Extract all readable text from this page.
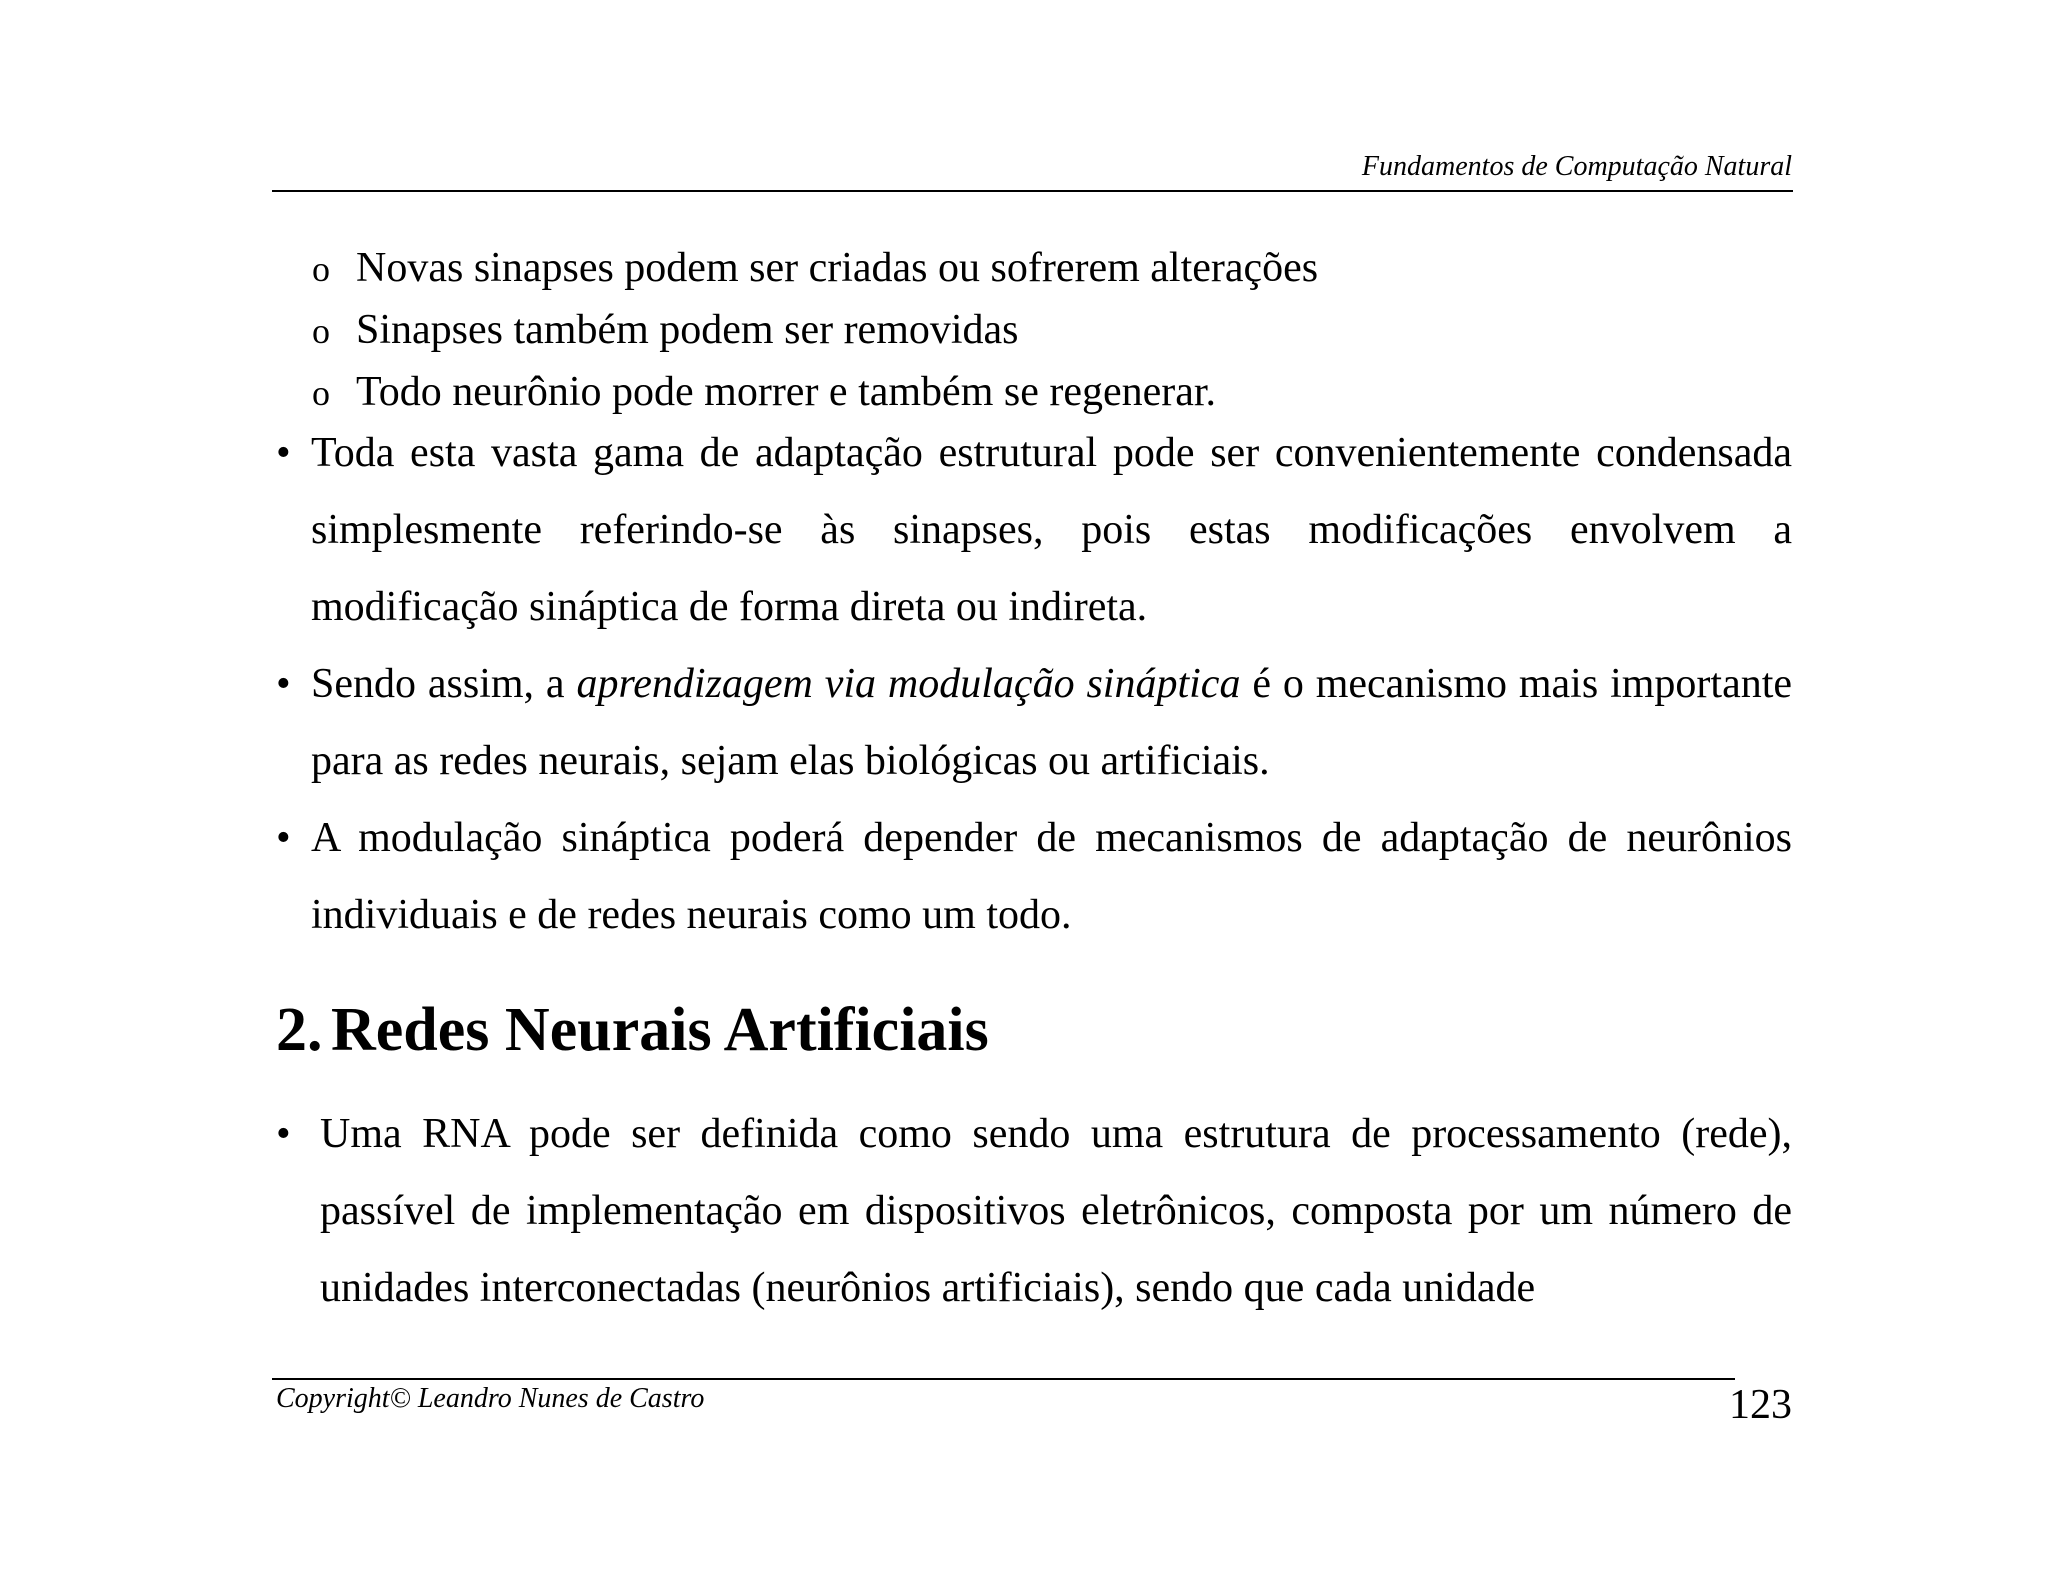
Fundamentos de Computação Natural
o Novas sinapses podem ser criadas ou sofrerem alterações
o Sinapses também podem ser removidas
o Todo neurônio pode morrer e também se regenerar.
• Toda esta vasta gama de adaptação estrutural pode ser convenientemente condensada simplesmente referindo-se às sinapses, pois estas modificações envolvem a modificação sináptica de forma direta ou indireta.
• Sendo assim, a aprendizagem via modulação sináptica é o mecanismo mais importante para as redes neurais, sejam elas biológicas ou artificiais.
• A modulação sináptica poderá depender de mecanismos de adaptação de neurônios individuais e de redes neurais como um todo.
2. Redes Neurais Artificiais
• Uma RNA pode ser definida como sendo uma estrutura de processamento (rede), passível de implementação em dispositivos eletrônicos, composta por um número de unidades interconectadas (neurônios artificiais), sendo que cada unidade
Copyright© Leandro Nunes de Castro	123
